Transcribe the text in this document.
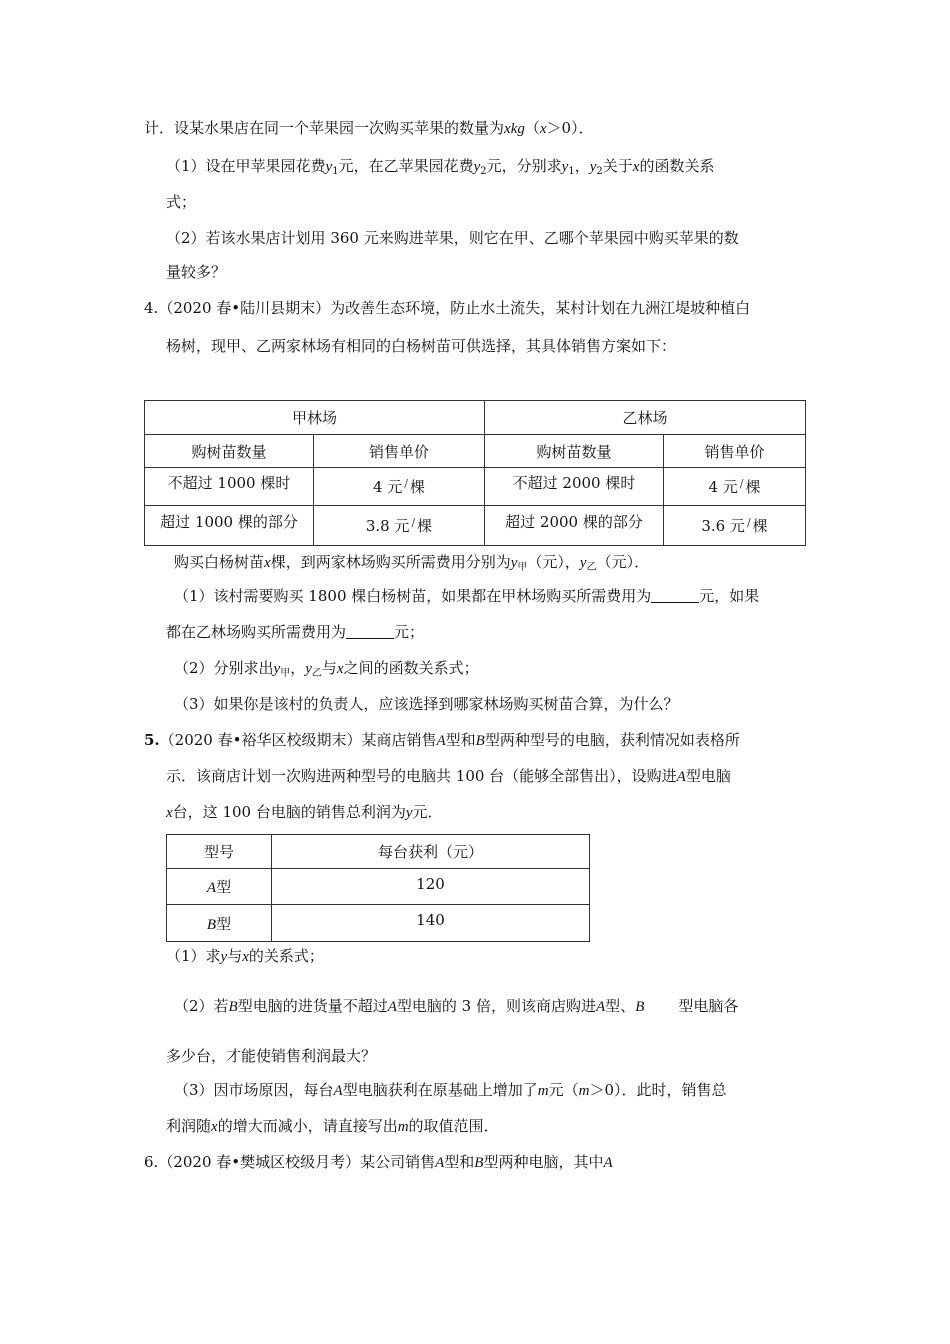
计．设某水果店在同一个苹果园一次购买苹果的数量为xkg（x＞0）．
（1）设在甲苹果园花费$y_1$元，在乙苹果园花费$y_2$元，分别求$y_1$，$y_2$关于x的函数关系
式；
（2）若该水果店计划用 360 元来购进苹果，则它在甲、乙哪个苹果园中购买苹果的数
量较多？
4.（2020 春•陆川县期末）为改善生态环境，防止水土流失，某村计划在九洲江堤坡种植白
杨树，现甲、乙两家林场有相同的白杨树苗可供选择，其具体销售方案如下：
甲林场		乙林场	
购树苗数量	销售单价	购树苗数量	销售单价
不超过 1000 棵时	4 元 / 棵	不超过 2000 棵时	4 元 / 棵
超过 1000 棵的部分	3.8 元 / 棵	超过 2000 棵的部分	3.6 元 / 棵
购买白杨树苗x棵，到两家林场购买所需费用分别为$y_甲$（元），$y_乙$（元）．
（1）该村需要购买 1800 棵白杨树苗，如果都在甲林场购买所需费用为	元，如果
都在乙林场购买所需费用为	元；
（2）分别求出$y_甲$，$y_乙$与x之间的函数关系式；
（3）如果你是该村的负责人，应该选择到哪家林场购买树苗合算，为什么？
5.（2020 春•裕华区校级期末）某商店销售A型和B型两种型号的电脑，获利情况如表格所
示．该商店计划一次购进两种型号的电脑共 100 台（能够全部售出），设购进A型电脑
x台，这 100 台电脑的销售总利润为y元．
型号	每台获利（元）
A型	120
B型	140
（1）求y与x的关系式；
（2）若B型电脑的进货量不超过A型电脑的 3 倍，则该商店购进A型、B 型电脑各
多少台，才能使销售利润最大？
（3）因市场原因，每台A型电脑获利在原基础上增加了m元（m＞0）．此时，销售总
利润随x的增大而减小，请直接写出m的取值范围．
6.（2020 春•樊城区校级月考）某公司销售A型和B型两种电脑，其中A
